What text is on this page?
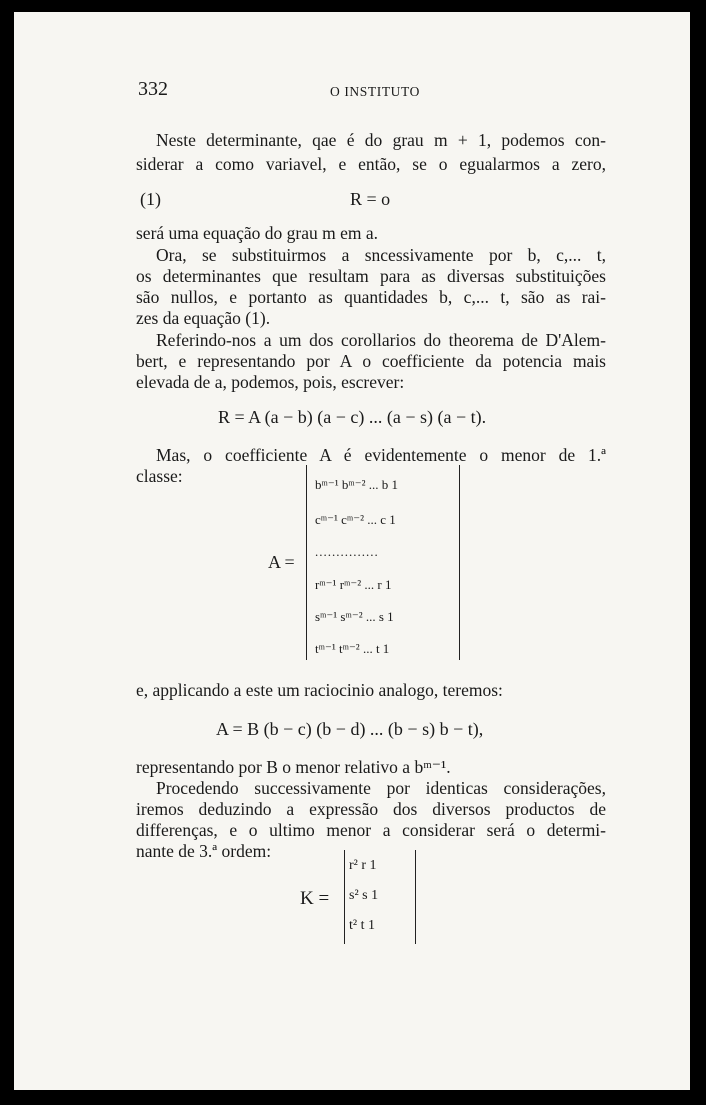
332	O INSTITUTO
Neste determinante, qae é do grau m + 1, podemos con-
siderar a como variavel, e então, se o egualarmos a zero,
(1)	R = o
será uma equação do grau m em a.
Ora, se substituirmos a sncessivamente por b, c,... t,
os determinantes que resultam para as diversas substituições
são nullos, e portanto as quantidades b, c,... t, são as rai-
zes da equação (1).
Referindo-nos a um dos corollarios do theorema de D'Alem-
bert, e representando por A o coefficiente da potencia mais
elevada de a, podemos, pois, escrever:
R = A (a − b) (a − c) ... (a − s) (a − t).
Mas, o coefficiente A é evidentemente o menor de 1.ª
classe:
A =
bᵐ⁻¹ bᵐ⁻² ... b 1
cᵐ⁻¹ cᵐ⁻² ... c 1
...............
rᵐ⁻¹ rᵐ⁻² ... r 1
sᵐ⁻¹ sᵐ⁻² ... s 1
tᵐ⁻¹ tᵐ⁻² ... t 1
e, applicando a este um raciocinio analogo, teremos:
A = B (b − c) (b − d) ... (b − s) b − t),
representando por B o menor relativo a bᵐ⁻¹.
Procedendo successivamente por identicas considerações,
iremos deduzindo a expressão dos diversos productos de
differenças, e o ultimo menor a considerar será o determi-
nante de 3.ª ordem:
K =
r² r 1
s² s 1
t² t 1
